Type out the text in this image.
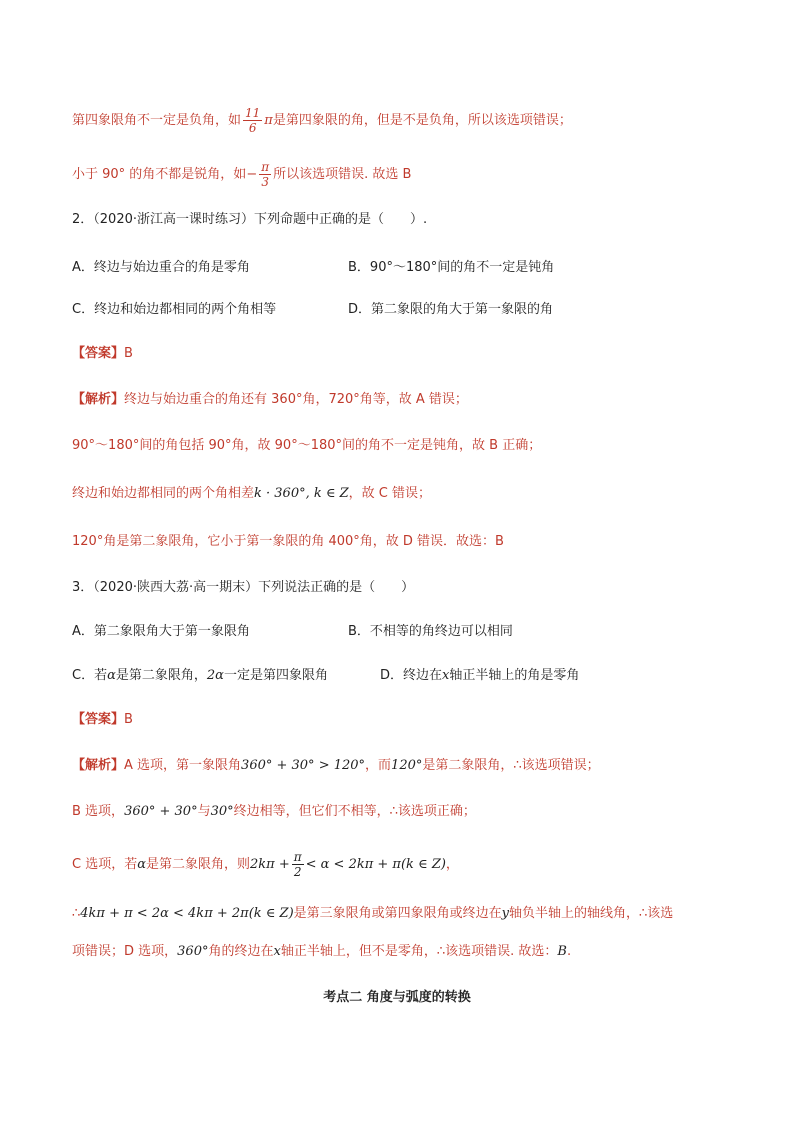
第四象限角不一定是负角，如 $\frac{11}{6}$ π是第四象限的角，但是不是负角，所以该选项错误；
小于 90° 的角不都是锐角，如− $\frac{\pi}{3}$ 所以该选项错误. 故选 B
2．（2020·浙江高一课时练习）下列命题中正确的是（　　）.
A．终边与始边重合的角是零角	B．90°～180°间的角不一定是钝角
C．终边和始边都相同的两个角相等	D．第二象限的角大于第一象限的角
【答案】B
【解析】终边与始边重合的角还有 360°角，720°角等，故 A 错误；
90°～180°间的角包括 90°角，故 90°～180°间的角不一定是钝角，故 B 正确；
终边和始边都相同的两个角相差k · 360°, k ∈ Z，故 C 错误；
120°角是第二象限角，它小于第一象限的角 400°角，故 D 错误．故选：B
3．（2020·陕西大荔·高一期末）下列说法正确的是（　　）
A．第二象限角大于第一象限角	B．不相等的角终边可以相同
C．若α是第二象限角，2α一定是第四象限角	D．终边在x轴正半轴上的角是零角
【答案】B
【解析】A 选项，第一象限角360° + 30° > 120°，而120°是第二象限角，∴该选项错误；
B 选项，360° + 30°与30°终边相等，但它们不相等，∴该选项正确；
C 选项，若α是第二象限角，则$2k\pi + \frac{\pi}{2} < \alpha < 2k\pi + \pi(k$ ∈ Z)，
∴4kπ + π < 2α < 4kπ + 2π(k ∈ Z)是第三象限角或第四象限角或终边在y轴负半轴上的轴线角，∴该选
项错误；D 选项，360°角的终边在x轴正半轴上，但不是零角，∴该选项错误. 故选：B.
考点二 角度与弧度的转换
